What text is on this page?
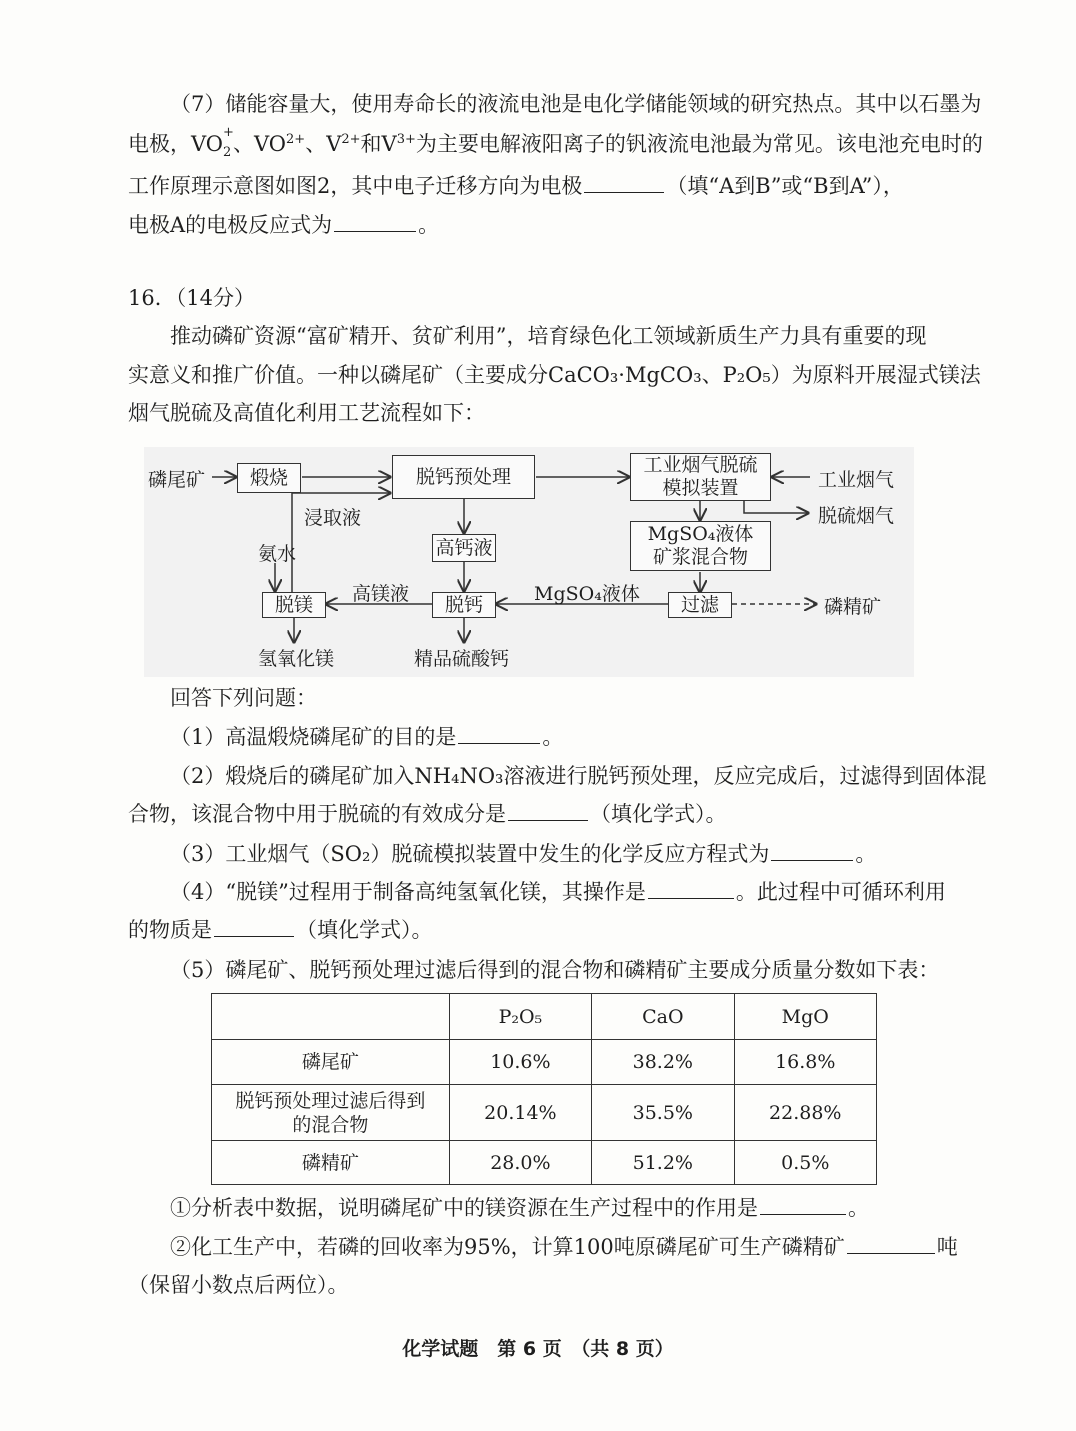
（7）储能容量大，使用寿命长的液流电池是电化学储能领域的研究热点。其中以石墨为
电极，VO +
2 、$VO^{2+}$、$V^{2+}$和$V^{3+}$为主要电解液阳离子的钒液流电池最为常见。该电池充电时的
工作原理示意图如图2，其中电子迁移方向为电极	（填“A到B”或“B到A”），
电极A的电极反应式为	。
16．（14分）
推动磷矿资源“富矿精开、贫矿利用”，培育绿色化工领域新质生产力具有重要的现
实意义和推广价值。一种以磷尾矿（主要成分CaCO₃·MgCO₃、P₂O₅）为原料开展湿式镁法
烟气脱硫及高值化利用工艺流程如下：
磷尾矿	煅烧	脱钙预处理
工业烟气脱硫
模拟装置	工业烟气
脱硫烟气
浸取液
氨水	高钙液
MgSO₄液体
矿浆混合物
高镁液	MgSO₄液体
脱镁	脱钙	过滤	磷精矿
氢氧化镁	精品硫酸钙
回答下列问题：
（1）高温煅烧磷尾矿的目的是	。
（2）煅烧后的磷尾矿加入NH₄NO₃溶液进行脱钙预处理，反应完成后，过滤得到固体混
合物，该混合物中用于脱硫的有效成分是	（填化学式）。
（3）工业烟气（SO₂）脱硫模拟装置中发生的化学反应方程式为	。
（4）“脱镁”过程用于制备高纯氢氧化镁，其操作是	。此过程中可循环利用
的物质是	（填化学式）。
（5）磷尾矿、脱钙预处理过滤后得到的混合物和磷精矿主要成分质量分数如下表：
	P₂O₅	CaO	MgO
磷尾矿	10.6%	38.2%	16.8%
脱钙预处理过滤后得到的混合物	20.14%	35.5%	22.88%
磷精矿	28.0%	51.2%	0.5%
①分析表中数据，说明磷尾矿中的镁资源在生产过程中的作用是	。
②化工生产中，若磷的回收率为95%，计算100吨原磷尾矿可生产磷精矿	吨
（保留小数点后两位）。
化学试题　第 6 页　（共 8 页）
